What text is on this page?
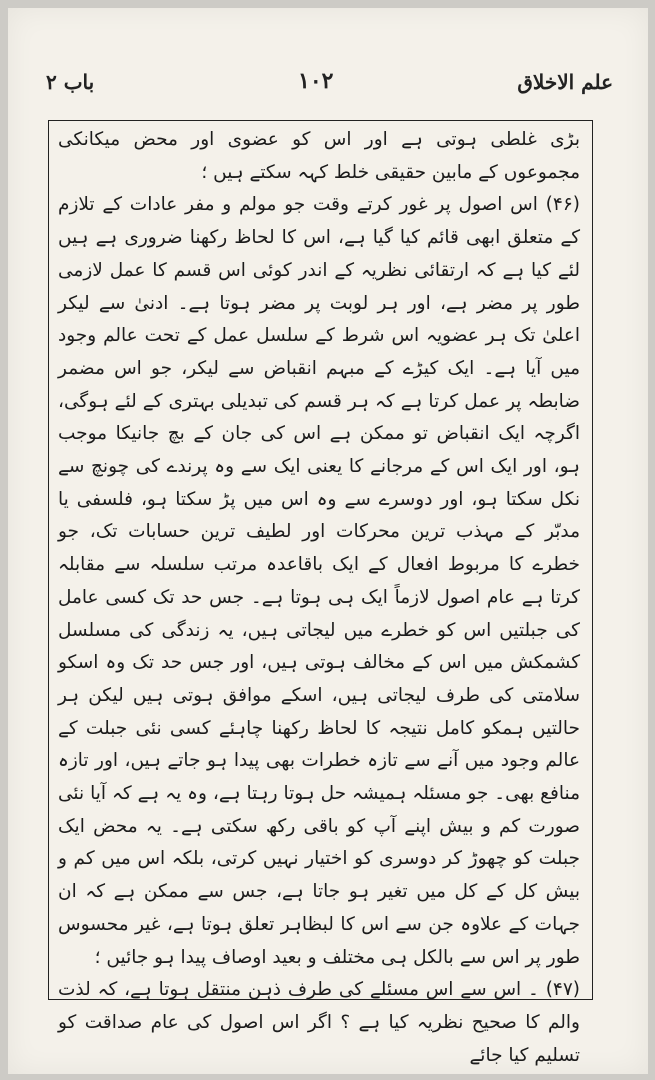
علم الاخلاق
۱۰۲
باب ۲

بڑی غلطی ہوتی ہے اور اس کو عضوی اور محض میکانکی مجموعوں کے مابین حقیقی خلط کہہ سکتے ہیں ؛

(۴۶) اس اصول پر غور کرتے وقت جو مولم و مفر عادات کے تلازم کے متعلق ابھی قائم کیا گیا ہے، اس کا لحاظ رکھنا ضروری ہے ہیں لئے کیا ہے کہ ارتقائی نظریہ کے اندر کوئی اس قسم کا عمل لازمی طور پر مضر ہے، اور ہر لوبت پر مضر ہوتا ہے۔ ادنیٰ سے لیکر اعلیٰ تک ہر عضویہ اس شرط کے سلسل عمل کے تحت عالم وجود میں آیا ہے۔ ایک کیڑے کے مبہم انقباض سے لیکر، جو اس مضمر ضابطہ پر عمل کرتا ہے کہ ہر قسم کی تبدیلی بہتری کے لئے ہوگی، اگرچہ ایک انقباض تو ممکن ہے اس کی جان کے بچ جانیکا موجب ہو، اور ایک اس کے مرجانے کا یعنی ایک سے وہ پرندے کی چونچ سے نکل سکتا ہو، اور دوسرے سے وہ اس میں پڑ سکتا ہو، فلسفی یا مدبّر کے مہذب ترین محرکات اور لطیف ترین حسابات تک، جو خطرے کا مربوط افعال کے ایک باقاعدہ مرتب سلسلہ سے مقابلہ کرتا ہے عام اصول لازماً ایک ہی ہوتا ہے۔ جس حد تک کسی عامل کی جبلتیں اس کو خطرے میں لیجاتی ہیں، یہ زندگی کی مسلسل کشمکش میں اس کے مخالف ہوتی ہیں، اور جس حد تک وہ اسکو سلامتی کی طرف لیجاتی ہیں، اسکے موافق ہوتی ہیں لیکن ہر حالتیں ہمکو کامل نتیجہ کا لحاظ رکھنا چاہئے کسی نئی جبلت کے عالم وجود میں آنے سے تازہ خطرات بھی پیدا ہو جاتے ہیں، اور تازہ منافع بھی۔ جو مسئلہ ہمیشہ حل ہوتا رہتا ہے، وہ یہ ہے کہ آیا نئی صورت کم و بیش اپنے آپ کو باقی رکھ سکتی ہے۔ یہ محض ایک جبلت کو چھوڑ کر دوسری کو اختیار نہیں کرتی، بلکہ اس میں کم و بیش کل کے کل میں تغیر ہو جاتا ہے، جس سے ممکن ہے کہ ان جہات کے علاوہ جن سے اس کا لبظاہر تعلق ہوتا ہے، غیر محسوس طور پر اس سے بالکل ہی مختلف و بعید اوصاف پیدا ہو جائیں ؛

(۴۷) ۔ اس سے اس مسئلے کی طرف ذہن منتقل ہوتا ہے، کہ لذت والم کا صحیح نظریہ کیا ہے ؟ اگر اس اصول کی عام صداقت کو تسلیم کیا جائے
